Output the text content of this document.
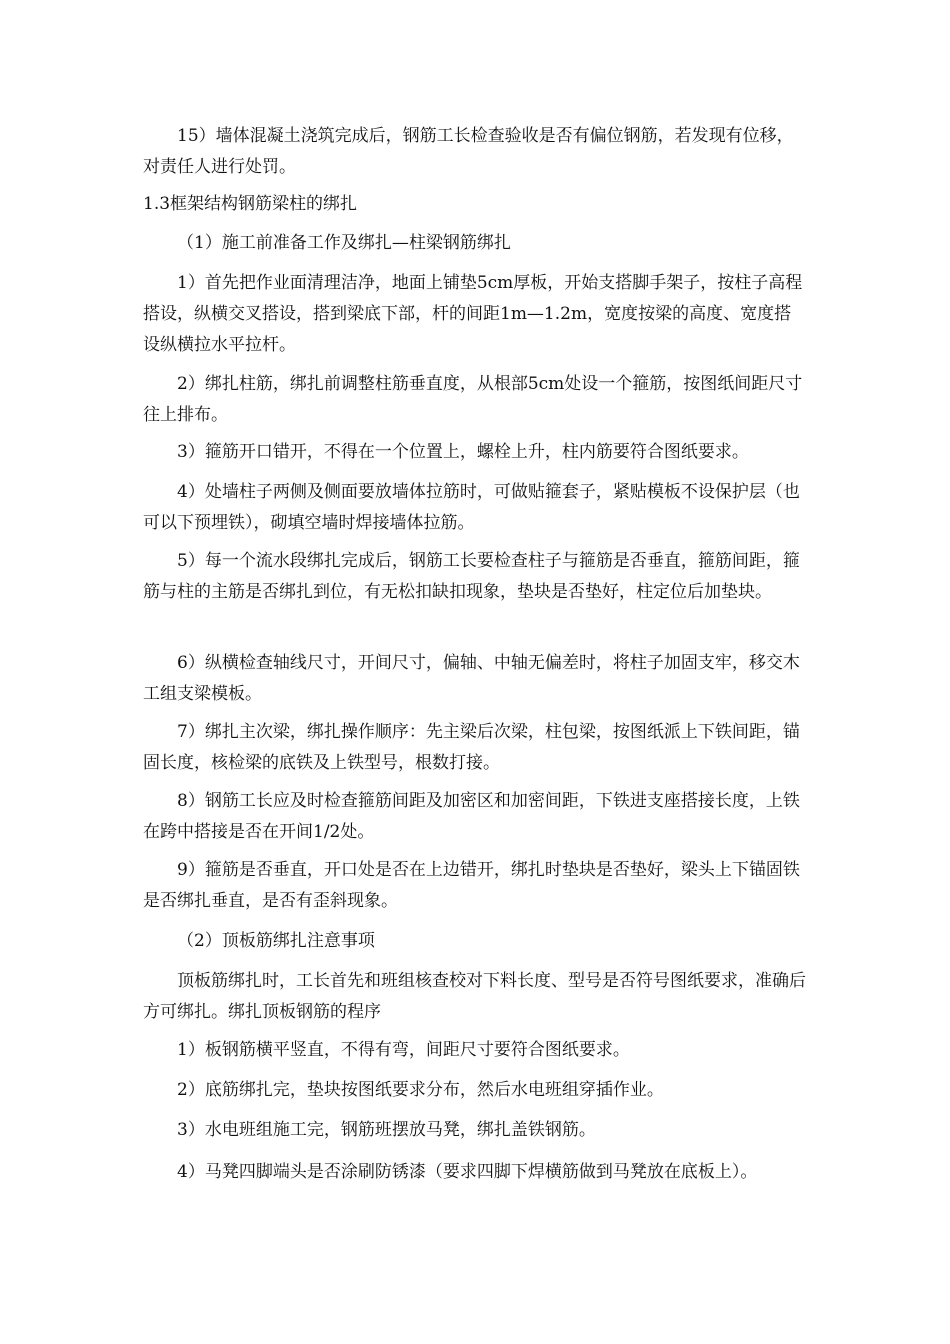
15）墙体混凝土浇筑完成后，钢筋工长检查验收是否有偏位钢筋，若发现有位移，对责任人进行处罚。

1.3框架结构钢筋梁柱的绑扎

（1）施工前准备工作及绑扎—柱梁钢筋绑扎

1）首先把作业面清理洁净，地面上铺垫5cm厚板，开始支搭脚手架子，按柱子高程搭设，纵横交叉搭设，搭到梁底下部，杆的间距1m—1.2m，宽度按梁的高度、宽度搭设纵横拉水平拉杆。

2）绑扎柱筋，绑扎前调整柱筋垂直度，从根部5cm处设一个箍筋，按图纸间距尺寸往上排布。

3）箍筋开口错开，不得在一个位置上，螺栓上升，柱内筋要符合图纸要求。

4）处墙柱子两侧及侧面要放墙体拉筋时，可做贴箍套子，紧贴模板不设保护层（也可以下预埋铁），砌填空墙时焊接墙体拉筋。

5）每一个流水段绑扎完成后，钢筋工长要检查柱子与箍筋是否垂直，箍筋间距，箍筋与柱的主筋是否绑扎到位，有无松扣缺扣现象，垫块是否垫好，柱定位后加垫块。

6）纵横检查轴线尺寸，开间尺寸，偏轴、中轴无偏差时，将柱子加固支牢，移交木工组支梁模板。

7）绑扎主次梁，绑扎操作顺序：先主梁后次梁，柱包梁，按图纸派上下铁间距，锚固长度，核检梁的底铁及上铁型号，根数打接。

8）钢筋工长应及时检查箍筋间距及加密区和加密间距，下铁进支座搭接长度，上铁在跨中搭接是否在开间1/2处。

9）箍筋是否垂直，开口处是否在上边错开，绑扎时垫块是否垫好，梁头上下锚固铁是否绑扎垂直，是否有歪斜现象。

（2）顶板筋绑扎注意事项

顶板筋绑扎时，工长首先和班组核查校对下料长度、型号是否符号图纸要求，准确后方可绑扎。绑扎顶板钢筋的程序

1）板钢筋横平竖直，不得有弯，间距尺寸要符合图纸要求。

2）底筋绑扎完，垫块按图纸要求分布，然后水电班组穿插作业。

3）水电班组施工完，钢筋班摆放马凳，绑扎盖铁钢筋。

4）马凳四脚端头是否涂刷防锈漆（要求四脚下焊横筋做到马凳放在底板上）。
